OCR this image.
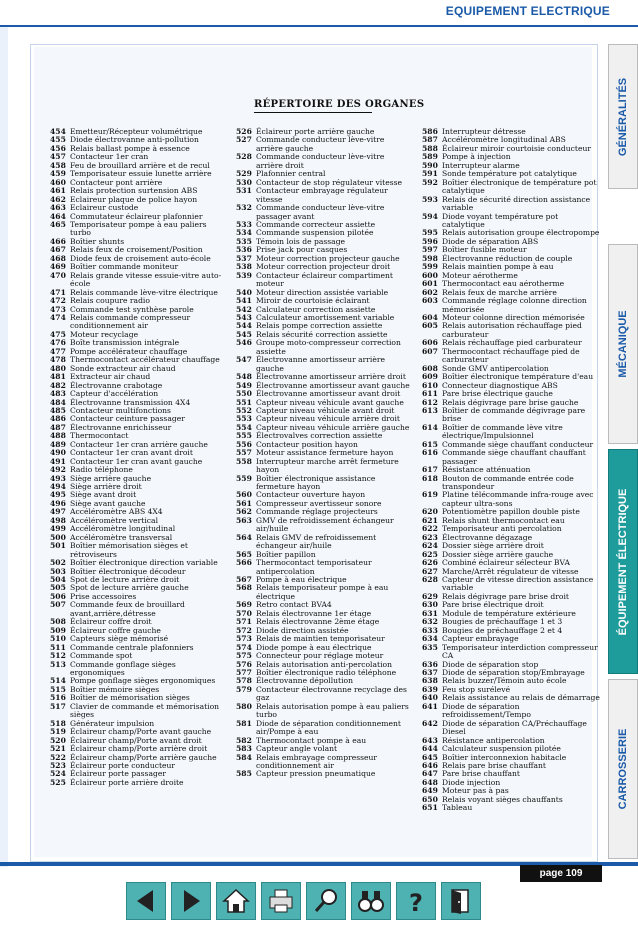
EQUIPEMENT ELECTRIQUE
RÉPERTOIRE DES ORGANES
454 Emetteur/Récepteur volumétrique
455 Diode électrovanne anti-pollution
456 Relais ballast pompe à essence
457 Contacteur 1er cran
458 Feu de brouillard arrière et de recul
459 Temporisateur essuie lunette arrière
460 Contacteur pont arrière
461 Relais protection surtension ABS
462 Eclaireur plaque de police hayon
463 Eclaireur custode
464 Commutateur éclaireur plafonnier
465 Temporisateur pompe à eau paliers turbo
466 Boîtier shunts
467 Relais feux de croisement/Position
468 Diode feux de croisement auto-école
469 Boîtier commande moniteur
470 Relais grande vitesse essuie-vitre auto-école
471 Relais commande lève-vitre électrique
472 Relais coupure radio
473 Commande test synthèse parole
474 Relais commande compresseur conditionnement air
475 Moteur recyclage
476 Boîte transmission intégrale
477 Pompe accélérateur chauffage
478 Thermocontact accélérateur chauffage
480 Sonde extracteur air chaud
481 Extracteur air chaud
482 Électrovanne crabotage
483 Capteur d'accélération
484 Électrovanne transmission 4X4
485 Contacteur multifonctions
486 Contacteur ceinture passager
487 Électrovanne enrichisseur
488 Thermocontact
489 Contacteur 1er cran arrière gauche
490 Contacteur 1er cran avant droit
491 Contacteur 1er cran avant gauche
492 Radio téléphone
493 Siège arrière gauche
494 Siège arrière droit
495 Siège avant droit
496 Siège avant gauche
497 Accéléromètre ABS 4X4
498 Accéléromètre vertical
499 Accéléromètre longitudinal
500 Accéléromètre transversal
501 Boîtier mémorisation sièges et rétroviseurs
502 Boîtier électronique direction variable
503 Boîtier électronique décodeur
504 Spot de lecture arrière droit
505 Spot de lecture arrière gauche
506 Prise accessoires
507 Commande feux de brouillard avant,arrière,détresse
508 Éclaireur coffre droit
509 Éclaireur coffre gauche
510 Capteurs siège mémorisé
511 Commande centrale plafonniers
512 Commande spot
513 Commande gonflage sièges ergonomiques
514 Pompe gonflage sièges ergonomiques
515 Boîtier mémoire sièges
516 Boîtier de mémorisation sièges
517 Clavier de commande et mémorisation sièges
518 Générateur impulsion
519 Éclaireur champ/Porte avant gauche
520 Éclaireur champ/Porte avant droit
521 Éclaireur champ/Porte arrière droit
522 Éclaireur champ/Porte arrière gauche
523 Éclaireur porte conducteur
524 Éclaireur porte passager
525 Éclaireur porte arrière droite
526 Éclaireur porte arrière gauche
527 Commande conducteur lève-vitre arrière gauche
528 Commande conducteur lève-vitre arrière droit
529 Plafonnier central
530 Contacteur de stop régulateur vitesse
531 Contacteur embrayage régulateur vitesse
532 Commande conducteur lève-vitre passager avant
533 Commande correcteur assiette
534 Commande suspension pilotée
535 Témoin lois de passage
536 Prise jack pour casques
537 Moteur correction projecteur gauche
538 Moteur correction projecteur droit
539 Contacteur éclaireur compartiment moteur
540 Moteur direction assistée variable
541 Miroir de courtoisie éclairant
542 Calculateur correction assiette
543 Calculateur amortissement variable
544 Relais pompe correction assiette
545 Relais sécurité correction assiette
546 Groupe moto-compresseur correction assiette
547 Électrovanne amortisseur arrière gauche
548 Électrovanne amortisseur arrière droit
549 Électrovanne amortisseur avant gauche
550 Électrovanne amortisseur avant droit
551 Capteur niveau véhicule avant gauche
552 Capteur niveau véhicule avant droit
553 Capteur niveau véhicule arrière droit
554 Capteur niveau véhicule arrière gauche
555 Électrovalves correction assiette
556 Contacteur position hayon
557 Moteur assistance fermeture hayon
558 Interrupteur marche arrêt fermeture hayon
559 Boîtier électronique assistance fermeture hayon
560 Contacteur ouverture hayon
561 Compresseur avertisseur sonore
562 Commande réglage projecteurs
563 GMV de refroidissement échangeur air/huile
564 Relais GMV de refroidissement échangeur air/huile
565 Boîtier papillon
566 Thermocontact temporisateur antipercolation
567 Pompe à eau électrique
568 Relais temporisateur pompe à eau électrique
569 Retro contact BVA4
570 Relais électrovanne 1er étage
571 Relais électrovanne 2ème étage
572 Diode direction assistée
573 Relais de maintien temporisateur
574 Diode pompe à eau électrique
575 Connecteur pour réglage moteur
576 Relais autorisation anti-percolation
577 Boîtier électronique radio téléphone
578 Électrovanne dépollution
579 Contacteur électrovanne recyclage des gaz
580 Relais autorisation pompe à eau paliers turbo
581 Diode de séparation conditionnement air/Pompe à eau
582 Thermocontact pompe à eau
583 Capteur angle volant
584 Relais embrayage compresseur conditionnement air
585 Capteur pression pneumatique
586 Interrupteur détresse
587 Accéléromètre longitudinal ABS
588 Éclaireur miroir courtoisie conducteur
589 Pompe à injection
590 Interrupteur alarme
591 Sonde température pot catalytique
592 Boîtier électronique de température pot catalytique
593 Relais de sécurité direction assistance variable
594 Diode voyant température pot catalytique
595 Relais autorisation groupe électropompe
596 Diode de séparation ABS
597 Boîtier fusible moteur
598 Électrovanne réduction de couple
599 Relais maintien pompe à eau
600 Moteur aérotherme
601 Thermocontact eau aérotherme
602 Relais feux de marche arrière
603 Commande réglage colonne direction mémorisée
604 Moteur colonne direction mémorisée
605 Relais autorisation réchauffage pied carburateur
606 Relais réchauffage pied carburateur
607 Thermocontact réchauffage pied de carburateur
608 Sonde GMV antipercolation
609 Boîtier électronique température d'eau
610 Connecteur diagnostique ABS
611 Pare brise électrique gauche
612 Relais dégivrage pare brise gauche
613 Boîtier de commande dégivrage pare brise
614 Boîtier de commande lève vitre électrique/Impulsionnel
615 Commande siège chauffant conducteur
616 Commande siège chauffant chauffant passager
617 Résistance atténuation
618 Bouton de commande entrée code transpondeur
619 Platine télécommande infra-rouge avec capteur ultra-sons
620 Potentiomètre papillon double piste
621 Relais shunt thermocontact eau
622 Temporisateur anti percolation
623 Électrovanne dégazage
624 Dossier siège arrière droit
625 Dossier siège arrière gauche
626 Combiné éclaireur sélecteur BVA
627 Marche/Arrêt régulateur de vitesse
628 Capteur de vitesse direction assistance variable
629 Relais dégivrage pare brise droit
630 Pare brise électrique droit
631 Module de température extérieure
632 Bougies de préchauffage 1 et 3
633 Bougies de préchauffage 2 et 4
634 Capteur embrayage
635 Temporisateur interdiction compresseur CA
636 Diode de séparation stop
637 Diode de séparation stop/Embrayage
638 Relais buzzer/Témoin auto école
639 Feu stop surélevé
640 Relais assistance au relais de démarrage
641 Diode de séparation refroidissement/Tempo
642 Diode de séparation CA/Préchauffage Diesel
643 Résistance antipercolation
644 Calculateur suspension pilotée
645 Boîtier interconnexion habitacle
646 Relais pare brise chauffant
647 Pare brise chauffant
648 Diode injection
649 Moteur pas à pas
650 Relais voyant sièges chauffants
651 Tableau
GÉNÉRALITÉS
MÉCANIQUE
ÉQUIPEMENT ÉLECTRIQUE
CARROSSERIE
page 109
?
